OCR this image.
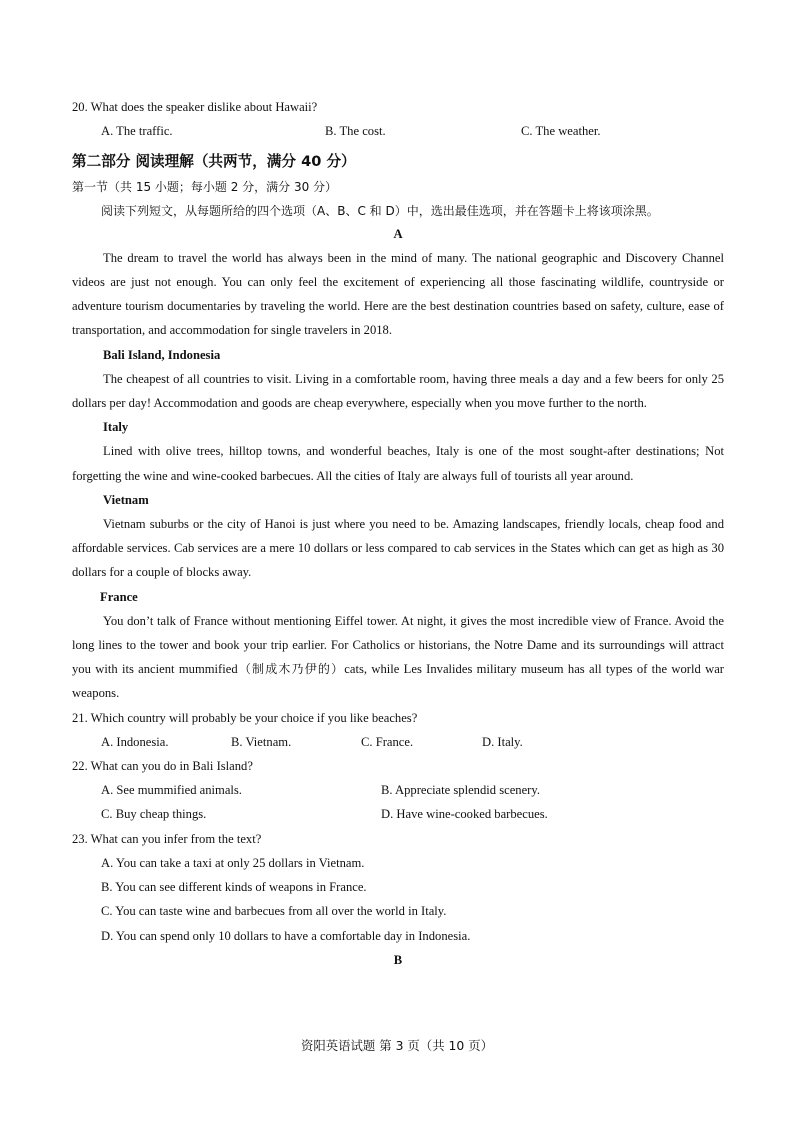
20. What does the speaker dislike about Hawaii?
A. The traffic.	B. The cost.	C. The weather.
第二部分 阅读理解（共两节，满分 40 分）
第一节（共 15 小题；每小题 2 分，满分 30 分）
阅读下列短文，从每题所给的四个选项（A、B、C 和 D）中，选出最佳选项，并在答题卡上将该项涂黑。
A
The dream to travel the world has always been in the mind of many. The national geographic and Discovery Channel videos are just not enough. You can only feel the excitement of experiencing all those fascinating wildlife, countryside or adventure tourism documentaries by traveling the world. Here are the best destination countries based on safety, culture, ease of transportation, and accommodation for single travelers in 2018.
Bali Island, Indonesia
The cheapest of all countries to visit. Living in a comfortable room, having three meals a day and a few beers for only 25 dollars per day! Accommodation and goods are cheap everywhere, especially when you move further to the north.
Italy
Lined with olive trees, hilltop towns, and wonderful beaches, Italy is one of the most sought-after destinations; Not forgetting the wine and wine-cooked barbecues. All the cities of Italy are always full of tourists all year around.
Vietnam
Vietnam suburbs or the city of Hanoi is just where you need to be. Amazing landscapes, friendly locals, cheap food and affordable services. Cab services are a mere 10 dollars or less compared to cab services in the States which can get as high as 30 dollars for a couple of blocks away.
France
You don’t talk of France without mentioning Eiffel tower. At night, it gives the most incredible view of France. Avoid the long lines to the tower and book your trip earlier. For Catholics or historians, the Notre Dame and its surroundings will attract you with its ancient mummified（制成木乃伊的）cats, while Les Invalides military museum has all types of the world war weapons.
21. Which country will probably be your choice if you like beaches?
A. Indonesia.	B. Vietnam.	C. France.	D. Italy.
22. What can you do in Bali Island?
A. See mummified animals.	B. Appreciate splendid scenery.
C. Buy cheap things.	D. Have wine-cooked barbecues.
23. What can you infer from the text?
A. You can take a taxi at only 25 dollars in Vietnam.
B. You can see different kinds of weapons in France.
C. You can taste wine and barbecues from all over the world in Italy.
D. You can spend only 10 dollars to have a comfortable day in Indonesia.
B
资阳英语试题 第 3 页（共 10 页）
